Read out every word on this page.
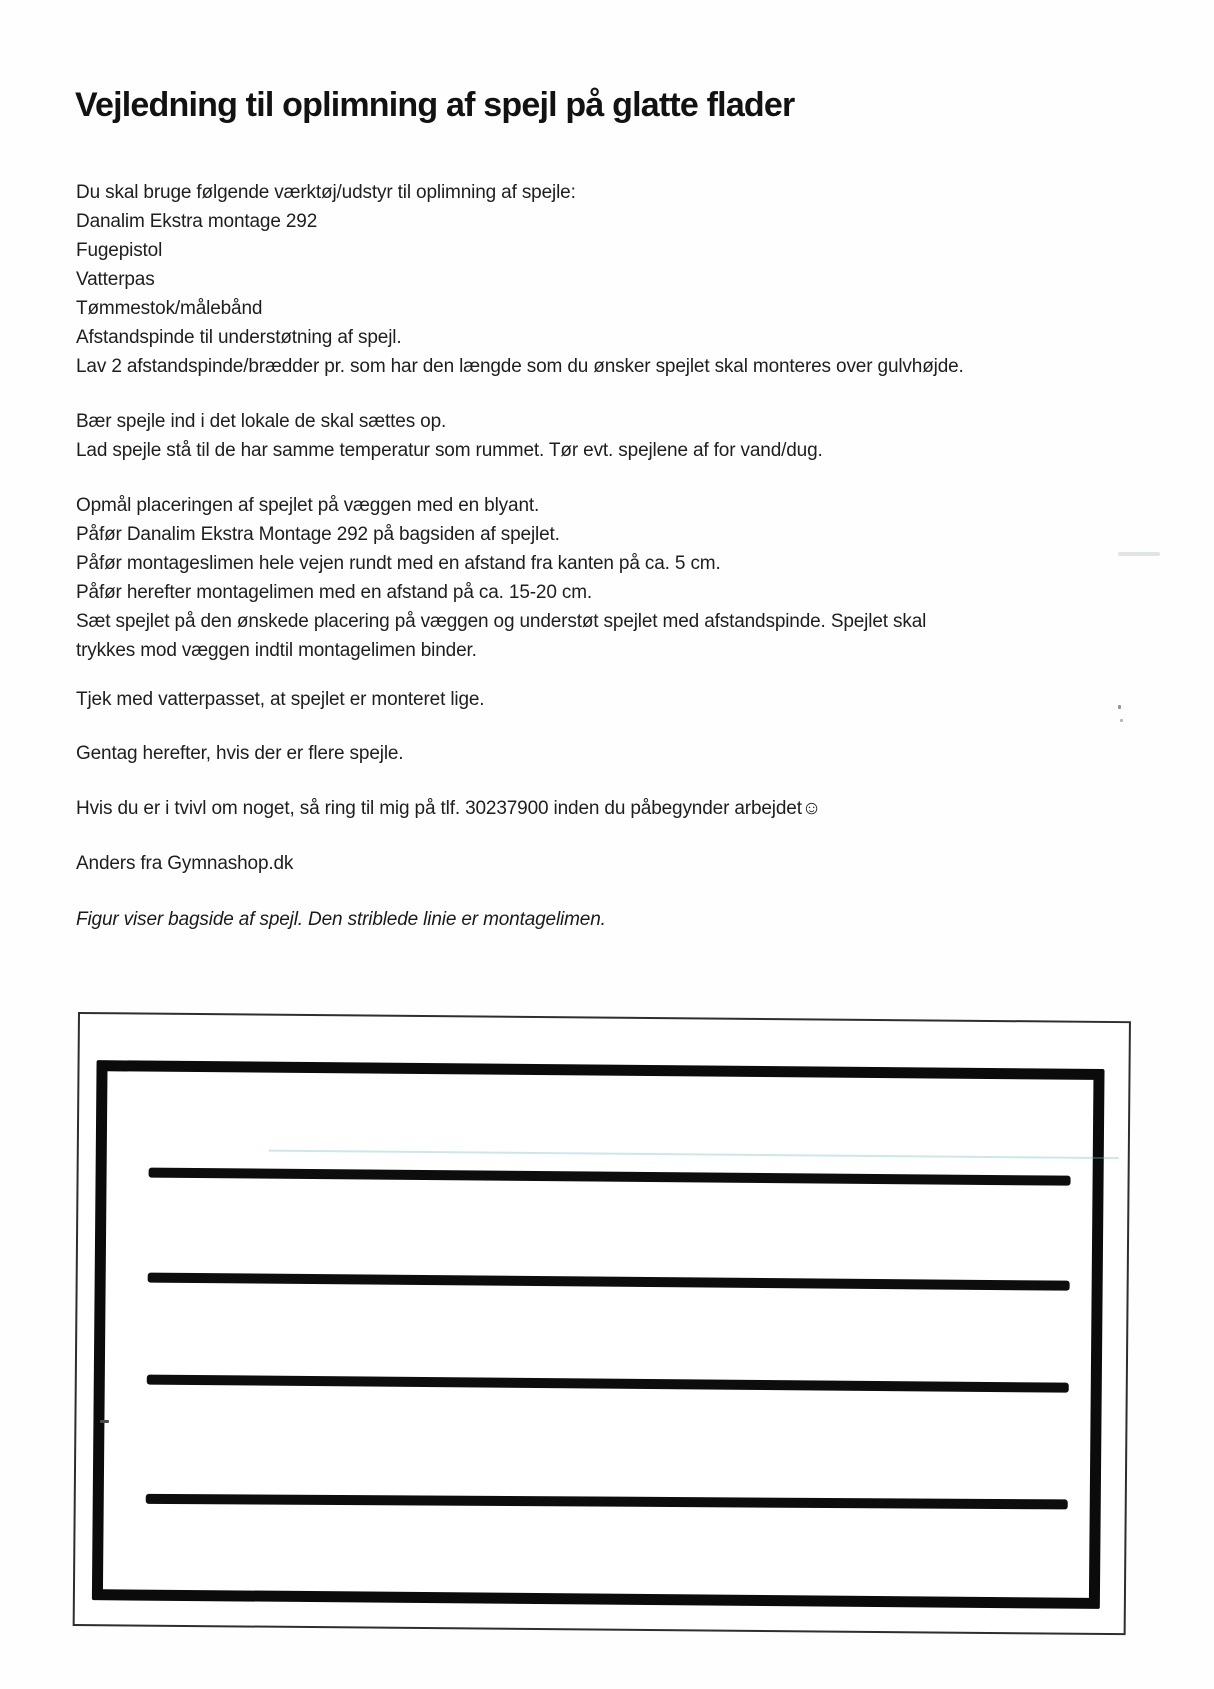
Vejledning til oplimning af spejl på glatte flader
Du skal bruge følgende værktøj/udstyr til oplimning af spejle:
Danalim Ekstra montage 292
Fugepistol
Vatterpas
Tømmestok/målebånd
Afstandspinde til understøtning af spejl.
Lav 2 afstandspinde/brædder pr. som har den længde som du ønsker spejlet skal monteres over gulvhøjde.
Bær spejle ind i det lokale de skal sættes op.
Lad spejle stå til de har samme temperatur som rummet. Tør evt. spejlene af for vand/dug.
Opmål placeringen af spejlet på væggen med en blyant.
Påfør Danalim Ekstra Montage 292 på bagsiden af spejlet.
Påfør montageslimen hele vejen rundt med en afstand fra kanten på ca. 5 cm.
Påfør herefter montagelimen med en afstand på ca. 15-20 cm.
Sæt spejlet på den ønskede placering på væggen og understøt spejlet med afstandspinde. Spejlet skal
trykkes mod væggen indtil montagelimen binder.
Tjek med vatterpasset, at spejlet er monteret lige.
Gentag herefter, hvis der er flere spejle.
Hvis du er i tvivl om noget, så ring til mig på tlf. 30237900 inden du påbegynder arbejdet☺
Anders fra Gymnashop.dk
Figur viser bagside af spejl. Den striblede linie er montagelimen.
